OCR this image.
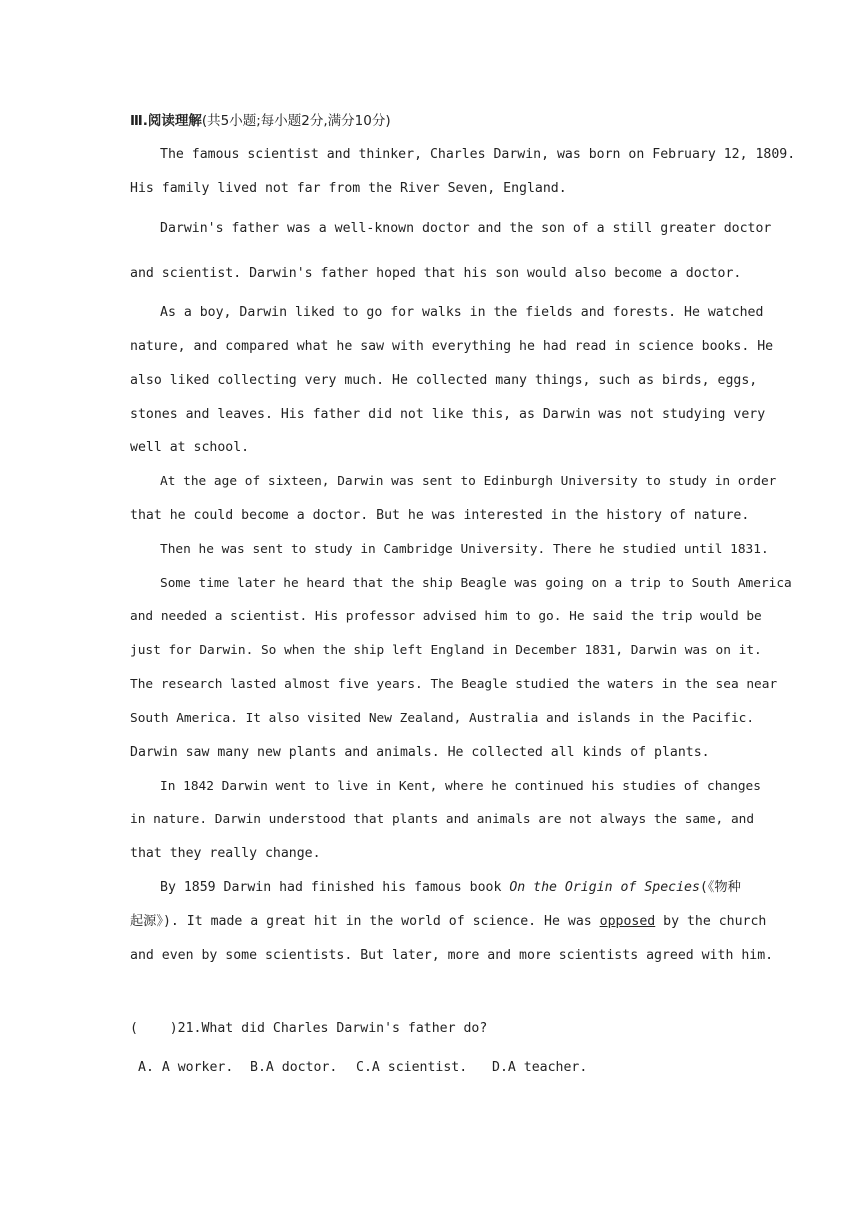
Ⅲ.阅读理解(共5小题;每小题2分,满分10分)
The famous scientist and thinker, Charles Darwin, was born on February 12, 1809.
His family lived not far from the River Seven, England.
Darwin's father was a well-known doctor and the son of a still greater doctor
and scientist. Darwin's father hoped that his son would also become a doctor.
As a boy, Darwin liked to go for walks in the fields and forests. He watched
nature, and compared what he saw with everything he had read in science books. He
also liked collecting very much. He collected many things, such as birds, eggs,
stones and leaves. His father did not like this, as Darwin was not studying very
well at school.
At the age of sixteen, Darwin was sent to Edinburgh University to study in order
that he could become a doctor. But he was interested in the history of nature.
Then he was sent to study in Cambridge University. There he studied until 1831.
Some time later he heard that the ship Beagle was going on a trip to South America
and needed a scientist. His professor advised him to go. He said the trip would be
just for Darwin. So when the ship left England in December 1831, Darwin was on it.
The research lasted almost five years. The Beagle studied the waters in the sea near
South America. It also visited New Zealand, Australia and islands in the Pacific.
Darwin saw many new plants and animals. He collected all kinds of plants.
In 1842 Darwin went to live in Kent, where he continued his studies of changes
in nature. Darwin understood that plants and animals are not always the same, and
that they really change.
By 1859 Darwin had finished his famous book On the Origin of Species(《物种
起源》). It made a great hit in the world of science. He was opposed by the church
and even by some scientists. But later, more and more scientists agreed with him.
(    )21.What did Charles Darwin's father do?
A. A worker. B.A doctor. C.A scientist. D.A teacher.
